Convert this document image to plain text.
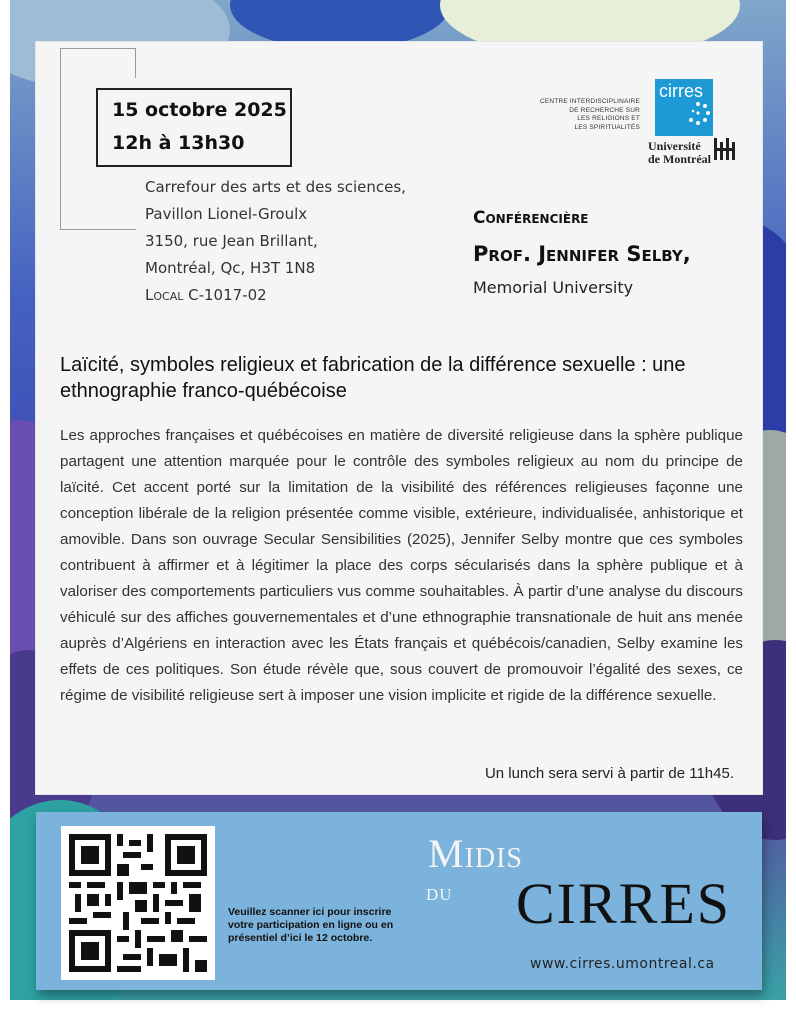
15 octobre 2025
12h à 13h30
Carrefour des arts et des sciences,
Pavillon Lionel-Groulx
3150, rue Jean Brillant,
Montréal, Qc, H3T 1N8
Local C-1017-02
CENTRE INTERDISCIPLINAIRE
DE RECHERCHE SUR
LES RELIGIONS ET
LES SPIRITUALITÉS
cirres
Université
de Montréal
Conférencière
Prof. Jennifer Selby,
Memorial University
Laïcité, symboles religieux et fabrication de la différence sexuelle : une ethnographie franco-québécoise
Les approches françaises et québécoises en matière de diversité religieuse dans la sphère publique partagent une attention marquée pour le contrôle des symboles religieux au nom du principe de laïcité. Cet accent porté sur la limitation de la visibilité des références religieuses façonne une conception libérale de la religion présentée comme visible, extérieure, individualisée, anhistorique et amovible. Dans son ouvrage Secular Sensibilities (2025), Jennifer Selby montre que ces symboles contribuent à affirmer et à légitimer la place des corps sécularisés dans la sphère publique et à valoriser des comportements particuliers vus comme souhaitables. À partir d’une analyse du discours véhiculé sur des affiches gouvernementales et d’une ethnographie transnationale de huit ans menée auprès d’Algériens en interaction avec les États français et québécois/canadien, Selby examine les effets de ces politiques. Son étude révèle que, sous couvert de promouvoir l’égalité des sexes, ce régime de visibilité religieuse sert à imposer une vision implicite et rigide de la différence sexuelle.
Un lunch sera servi à partir de 11h45.
Veuillez scanner ici pour inscrire votre participation en ligne ou en présentiel d’ici le 12 octobre.
Midis
du CIRRES
www.cirres.umontreal.ca
